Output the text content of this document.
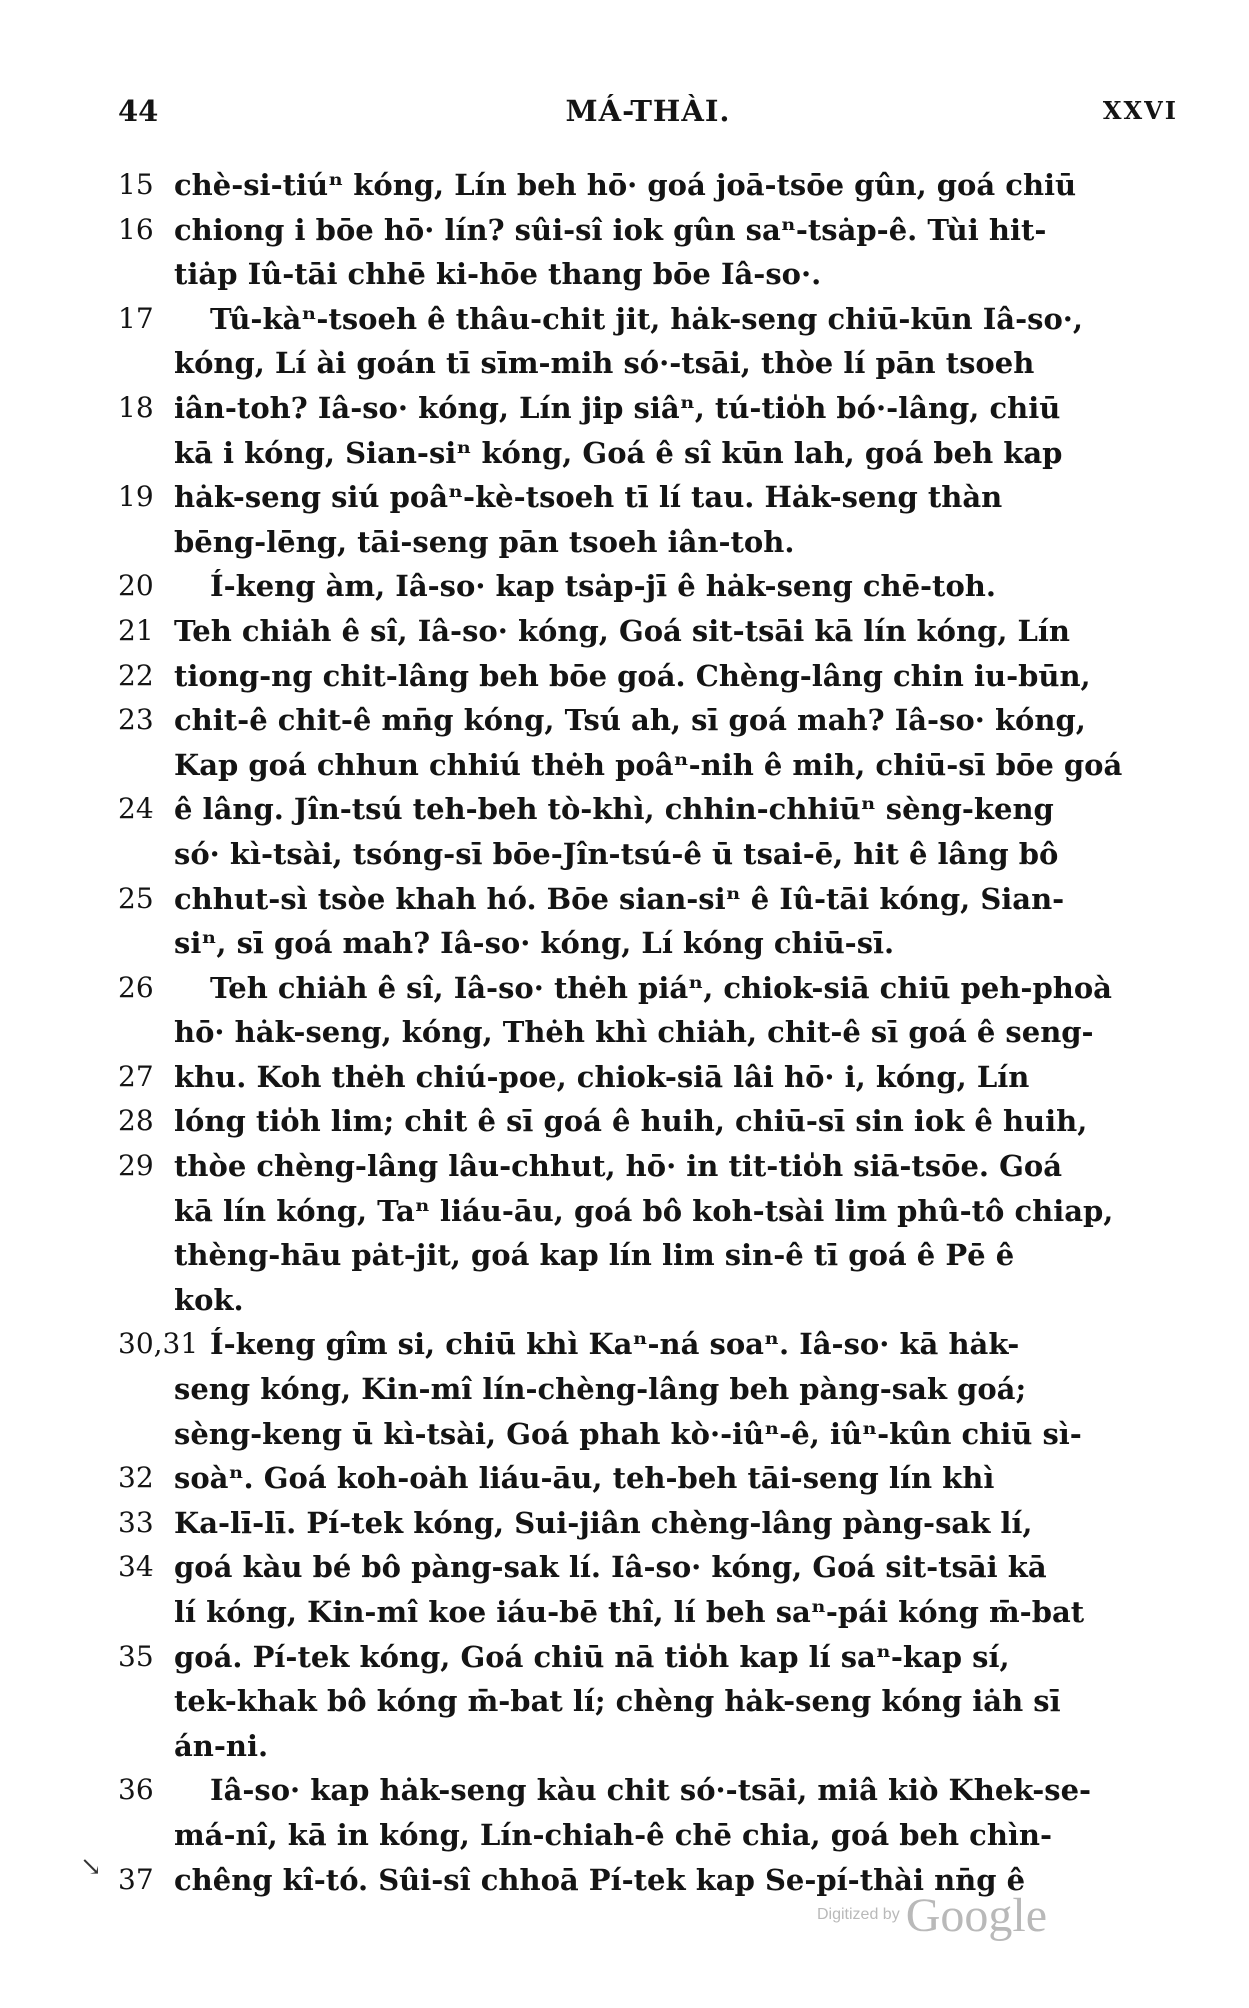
44	MÁ-THÀI.	XXVI
15 chè-si-tiúⁿ kóng, Lín beh hō· goá joā-tsōe gûn, goá chiū
16 chiong i bōe hō· lín? sûi-sî iok gûn saⁿ-tsȧp-ê. Tùi hit-
tiȧp Iû-tāi chhē ki-hōe thang bōe Iâ-so·.
17	Tû-kàⁿ-tsoeh ê thâu-chit jit, hȧk-seng chiū-kūn Iâ-so·,
kóng, Lí ài goán tī sīm-mih só·-tsāi, thòe lí pān tsoeh
18 iân-toh? Iâ-so· kóng, Lín jip siâⁿ, tú-tio̍h bó·-lâng, chiū
kā i kóng, Sian-siⁿ kóng, Goá ê sî kūn lah, goá beh kap
19 hȧk-seng siú poâⁿ-kè-tsoeh tī lí tau. Hȧk-seng thàn
bēng-lēng, tāi-seng pān tsoeh iân-toh.
20	Í-keng àm, Iâ-so· kap tsȧp-jī ê hȧk-seng chē-toh.
21 Teh chiȧh ê sî, Iâ-so· kóng, Goá sit-tsāi kā lín kóng, Lín
22 tiong-ng chit-lâng beh bōe goá. Chèng-lâng chin iu-būn,
23 chit-ê chit-ê mn̄g kóng, Tsú ah, sī goá mah? Iâ-so· kóng,
Kap goá chhun chhiú thėh poâⁿ-nih ê mih, chiū-sī bōe goá
24 ê lâng. Jîn-tsú teh-beh tò-khì, chhin-chhiūⁿ sèng-keng
só· kì-tsài, tsóng-sī bōe-Jîn-tsú-ê ū tsai-ē, hit ê lâng bô
25 chhut-sì tsòe khah hó. Bōe sian-siⁿ ê Iû-tāi kóng, Sian-
siⁿ, sī goá mah? Iâ-so· kóng, Lí kóng chiū-sī.
26	Teh chiȧh ê sî, Iâ-so· thėh piáⁿ, chiok-siā chiū peh-phoà
hō· hȧk-seng, kóng, Thėh khì chiȧh, chit-ê sī goá ê seng-
27 khu. Koh thėh chiú-poe, chiok-siā lâi hō· i, kóng, Lín
28 lóng tio̍h lim; chit ê sī goá ê huih, chiū-sī sin iok ê huih,
29 thòe chèng-lâng lâu-chhut, hō· in tit-tio̍h siā-tsōe. Goá
kā lín kóng, Taⁿ liáu-āu, goá bô koh-tsài lim phû-tô chiap,
thèng-hāu pȧt-jit, goá kap lín lim sin-ê tī goá ê Pē ê
kok.
30,31 Í-keng gîm si, chiū khì Kaⁿ-ná soaⁿ. Iâ-so· kā hȧk-
seng kóng, Kin-mî lín-chèng-lâng beh pàng-sak goá;
sèng-keng ū kì-tsài, Goá phah kò·-iûⁿ-ê, iûⁿ-kûn chiū sì-
32 soàⁿ. Goá koh-oȧh liáu-āu, teh-beh tāi-seng lín khì
33 Ka-lī-lī. Pí-tek kóng, Sui-jiân chèng-lâng pàng-sak lí,
34 goá kàu bé bô pàng-sak lí. Iâ-so· kóng, Goá sit-tsāi kā
lí kóng, Kin-mî koe iáu-bē thî, lí beh saⁿ-pái kóng m̄-bat
35 goá. Pí-tek kóng, Goá chiū nā tio̍h kap lí saⁿ-kap sí,
tek-khak bô kóng m̄-bat lí; chèng hȧk-seng kóng iȧh sī
án-ni.
36	Iâ-so· kap hȧk-seng kàu chit só·-tsāi, miâ kiò Khek-se-
má-nî, kā in kóng, Lín-chiah-ê chē chia, goá beh chìn-
37 chêng kî-tó. Sûi-sî chhoā Pí-tek kap Se-pí-thài nn̄g ê
↘
Digitized by Google
